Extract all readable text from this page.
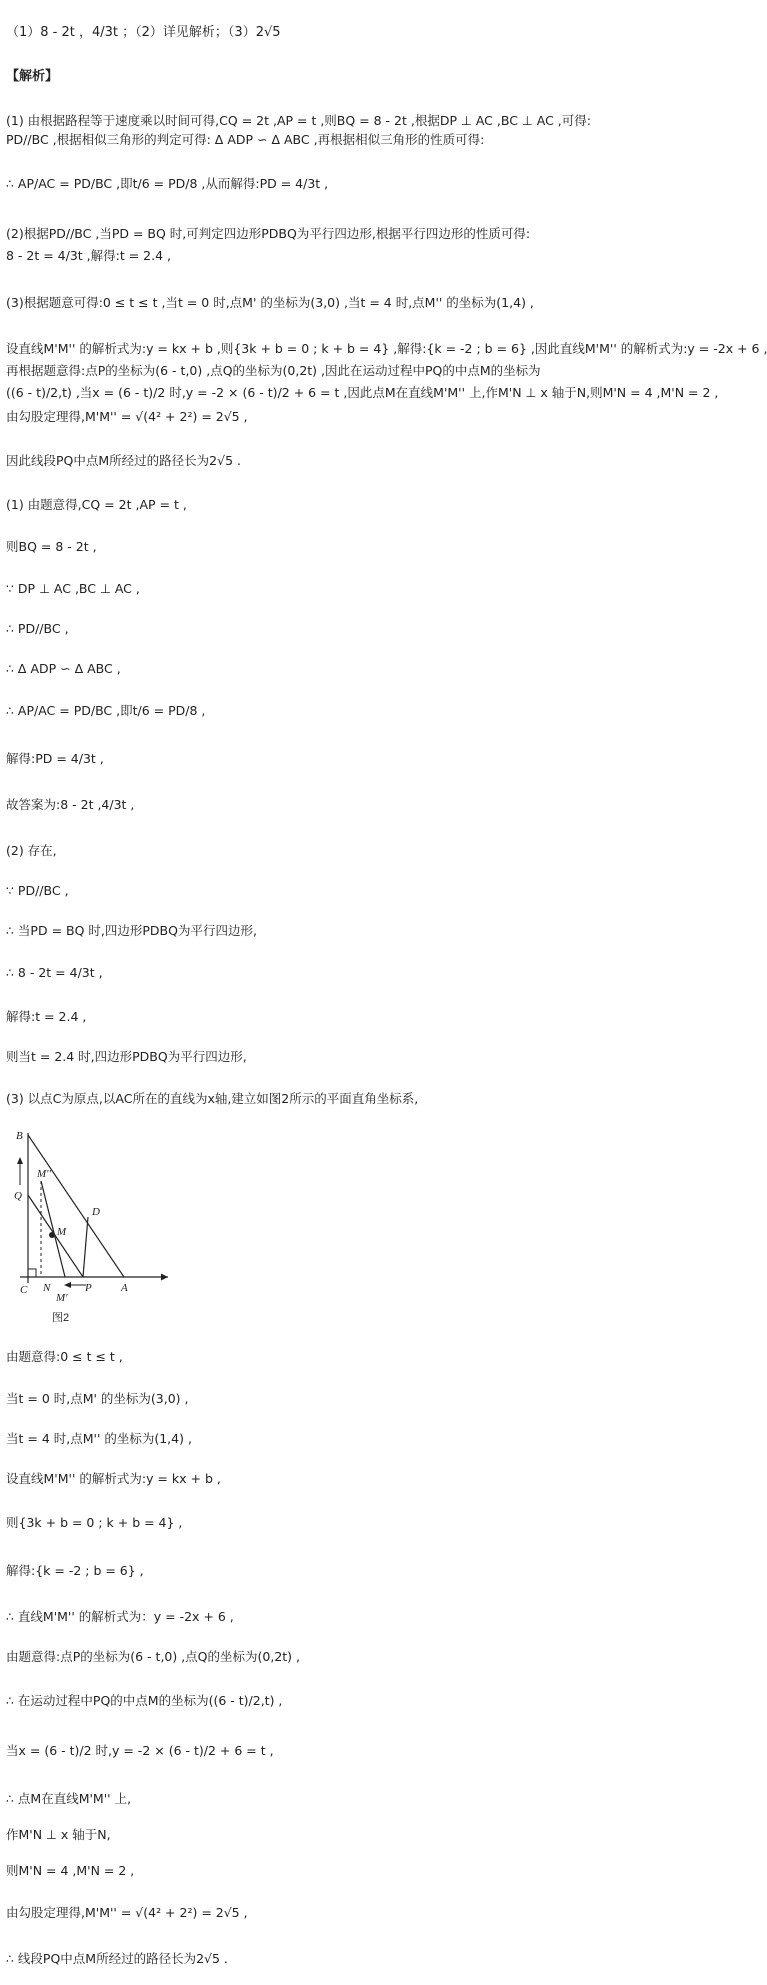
（1）8 - 2t ，4/3t ；（2）详见解析；（3）2√5
【解析】
(1) 由根据路程等于速度乘以时间可得,CQ = 2t ,AP = t ,则BQ = 8 - 2t ,根据DP ⊥ AC ,BC ⊥ AC ,可得:
PD//BC ,根据相似三角形的判定可得: Δ ADP ∽ Δ ABC ,再根据相似三角形的性质可得:
∴ AP/AC = PD/BC ,即t/6 = PD/8 ,从而解得:PD = 4/3t ,
(2)根据PD//BC ,当PD = BQ 时,可判定四边形PDBQ为平行四边形,根据平行四边形的性质可得:
8 - 2t = 4/3t ,解得:t = 2.4 ,
(3)根据题意可得:0 ≤ t ≤ t ,当t = 0 时,点M' 的坐标为(3,0) ,当t = 4 时,点M'' 的坐标为(1,4) ,
设直线M'M'' 的解析式为:y = kx + b ,则{3k + b = 0 ; k + b = 4} ,解得:{k = -2 ; b = 6} ,因此直线M'M'' 的解析式为:y = -2x + 6 ,
再根据题意得:点P的坐标为(6 - t,0) ,点Q的坐标为(0,2t) ,因此在运动过程中PQ的中点M的坐标为
((6 - t)/2,t) ,当x = (6 - t)/2 时,y = -2 × (6 - t)/2 + 6 = t ,因此点M在直线M'M'' 上,作M'N ⊥ x 轴于N,则M'N = 4 ,M'N = 2 ,
由勾股定理得,M'M'' = √(4² + 2²) = 2√5 ,
因此线段PQ中点M所经过的路径长为2√5 .
(1) 由题意得,CQ = 2t ,AP = t ,
则BQ = 8 - 2t ,
∵ DP ⊥ AC ,BC ⊥ AC ,
∴ PD//BC ,
∴ Δ ADP ∽ Δ ABC ,
∴ AP/AC = PD/BC ,即t/6 = PD/8 ,
解得:PD = 4/3t ,
故答案为:8 - 2t ,4/3t ,
(2) 存在,
∵ PD//BC ,
∴ 当PD = BQ 时,四边形PDBQ为平行四边形,
∴ 8 - 2t = 4/3t ,
解得:t = 2.4 ,
则当t = 2.4 时,四边形PDBQ为平行四边形,
(3) 以点C为原点,以AC所在的直线为x轴,建立如图2所示的平面直角坐标系,
B
Q
M''
M
D
C N	P	A
M'
图2
由题意得:0 ≤ t ≤ t ,
当t = 0 时,点M' 的坐标为(3,0) ,
当t = 4 时,点M'' 的坐标为(1,4) ,
设直线M'M'' 的解析式为:y = kx + b ,
则{3k + b = 0 ; k + b = 4} ,
解得:{k = -2 ; b = 6} ,
∴ 直线M'M'' 的解析式为：y = -2x + 6 ,
由题意得:点P的坐标为(6 - t,0) ,点Q的坐标为(0,2t) ,
∴ 在运动过程中PQ的中点M的坐标为((6 - t)/2,t) ,
当x = (6 - t)/2 时,y = -2 × (6 - t)/2 + 6 = t ,
∴ 点M在直线M'M'' 上,
作M'N ⊥ x 轴于N,
则M'N = 4 ,M'N = 2 ,
由勾股定理得,M'M'' = √(4² + 2²) = 2√5 ,
∴ 线段PQ中点M所经过的路径长为2√5 .
